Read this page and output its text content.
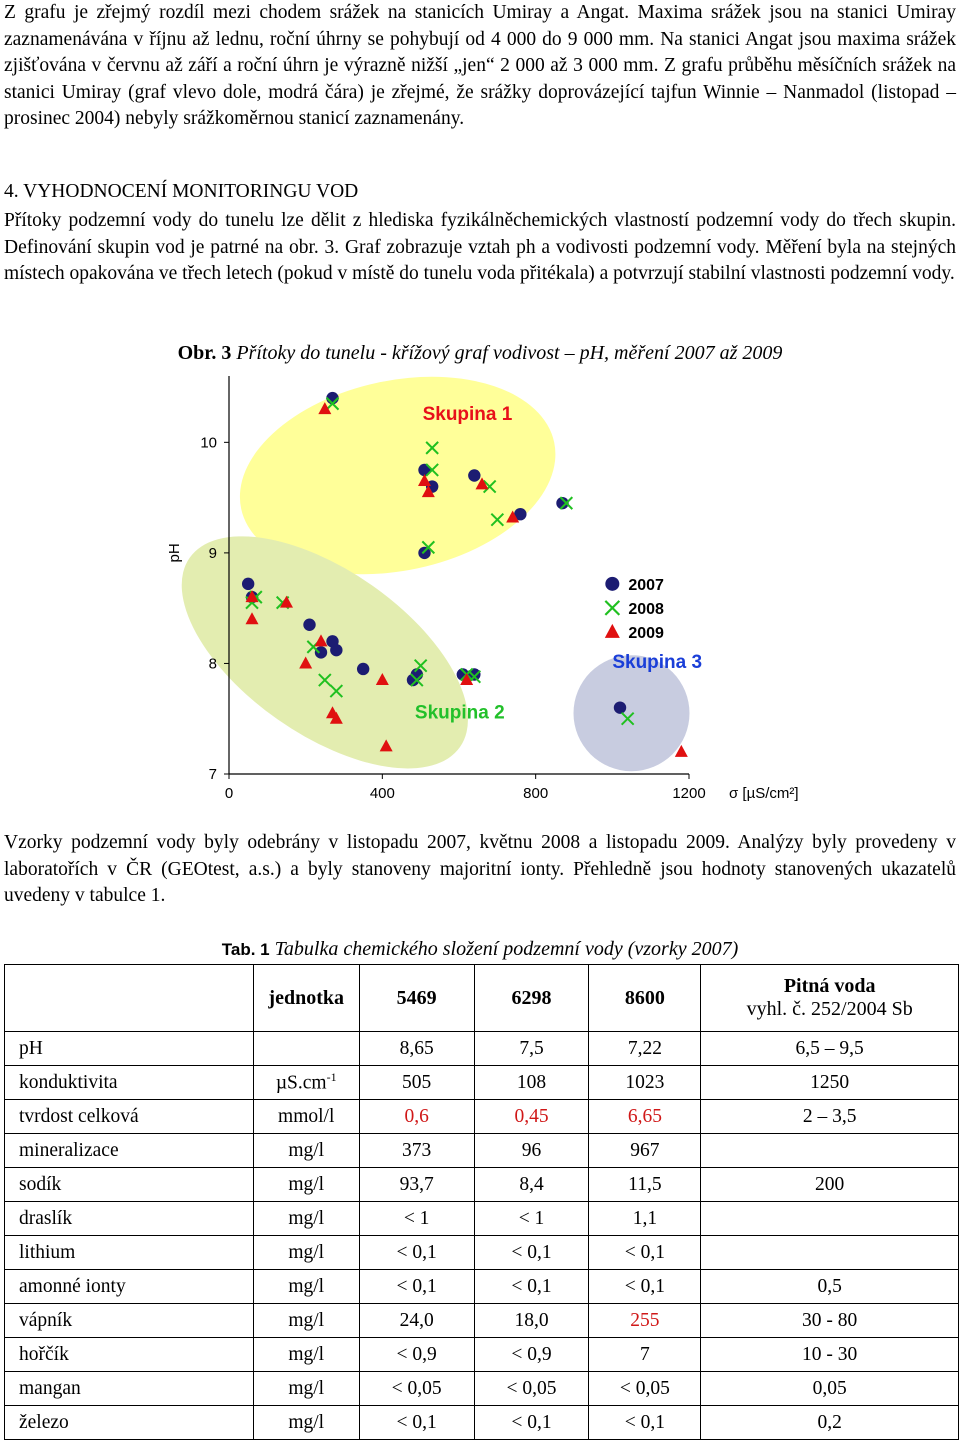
Z grafu je zřejmý rozdíl mezi chodem srážek na stanicích Umiray a Angat. Maxima srážek jsou na stanici Umiray zaznamenávána v říjnu až lednu, roční úhrny se pohybují od 4 000 do 9 000 mm. Na stanici Angat jsou maxima srážek zjišťována v červnu až září a roční úhrn je výrazně nižší „jen“ 2 000 až 3 000 mm. Z grafu průběhu měsíčních srážek na stanici Umiray (graf vlevo dole, modrá čára) je zřejmé, že srážky doprovázející tajfun Winnie – Nanmadol (listopad – prosinec 2004) nebyly srážkoměrnou stanicí zaznamenány.

4. VYHODNOCENÍ MONITORINGU VOD

Přítoky podzemní vody do tunelu lze dělit z hlediska fyzikálněchemických vlastností podzemní vody do třech skupin. Definování skupin vod je patrné na obr. 3. Graf zobrazuje vztah ph a vodivosti podzemní vody. Měření byla na stejných místech opakována ve třech letech (pokud v místě do tunelu voda přitékala) a potvrzují stabilní vlastnosti podzemní vody.

Obr. 3 Přítoky do tunelu - křížový graf vodivost – pH, měření 2007 až 2009
0	400	800	1200
7
8
9
10
σ [µS/cm²]
pH
Skupina 1
Skupina 2
Skupina 3
2007
2008
2009

Vzorky podzemní vody byly odebrány v listopadu 2007, květnu 2008 a listopadu 2009. Analýzy byly provedeny v laboratořích v ČR (GEOtest, a.s.) a byly stanoveny majoritní ionty. Přehledně jsou hodnoty stanovených ukazatelů uvedeny v tabulce 1.

Tab. 1 Tabulka chemického složení podzemní vody (vzorky 2007)
	jednotka	5469	6298	8600	Pitná voda
vyhl. č. 252/2004 Sb

pH		8,65	7,5	7,22	6,5 – 9,5
konduktivita	$\mu S.cm^{-1}$	505	108	1023	1250
tvrdost celková	mmol/l	0,6	0,45	6,65	2 – 3,5
mineralizace	mg/l	373	96	967	
sodík	mg/l	93,7	8,4	11,5	200
draslík	mg/l	< 1	< 1	1,1	
lithium	mg/l	< 0,1	< 0,1	< 0,1	
amonné ionty	mg/l	< 0,1	< 0,1	< 0,1	0,5
vápník	mg/l	24,0	18,0	255	30 - 80
hořčík	mg/l	< 0,9	< 0,9	7	10 - 30
mangan	mg/l	< 0,05	< 0,05	< 0,05	0,05
železo	mg/l	< 0,1	< 0,1	< 0,1	0,2
